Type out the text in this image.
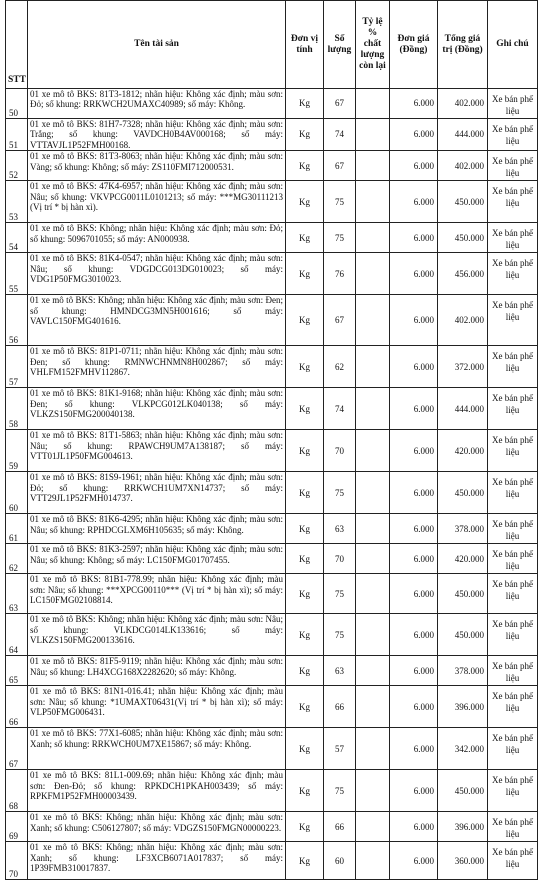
STT	Tên tài sản	Đơn vị tính	Số lượng	Tỷ lệ % chất lượng còn lại	Đơn giá (Đồng)	Tổng giá trị (Đồng)	Ghi chú
50	01 xe mô tô BKS: 81T3-1812; nhãn hiệu: Không xác định; màu sơn: Đỏ; số khung: RRKWCH2UMAXC40989; số máy: Không.	Kg	67		6.000	402.000	Xe bán phế liệu
51	01 xe mô tô BKS: 81H7-7328; nhãn hiệu: Không xác định; màu sơn: Trắng; số khung: VAVDCH0B4AV000168; số máy: VTTAVJL1P52FMH00168.	Kg	74		6.000	444.000	Xe bán phế liệu
52	01 xe mô tô BKS: 81T3-8063; nhãn hiệu: Không xác định; màu sơn: Vàng; số khung: Không; số máy: ZS110FMI712000531.	Kg	67		6.000	402.000	Xe bán phế liệu
53	01 xe mô tô BKS: 47K4-6957; nhãn hiệu: Không xác định; màu sơn: Nâu; số khung: VKVPCG0011L0101213; số máy: ***MG30111213 (Vị trí * bị hàn xì).	Kg	75		6.000	450.000	Xe bán phế liệu
54	01 xe mô tô BKS: Không; nhãn hiệu: Không xác định; màu sơn: Đỏ; số khung: 5096701055; số máy: AN000938.	Kg	75		6.000	450.000	Xe bán phế liệu
55	01 xe mô tô BKS: 81K4-0547; nhãn hiệu: Không xác định; màu sơn: Nâu; số khung: VDGDCG013DG010023; số máy: VDG1P50FMG3010023.	Kg	76		6.000	456.000	Xe bán phế liệu
56	01 xe mô tô BKS: Không; nhãn hiệu: Không xác định; màu sơn: Đen; số khung: HMNDCG3MN5H001616; số máy: VAVLC150FMG401616.	Kg	67		6.000	402.000	Xe bán phế liệu
57	01 xe mô tô BKS: 81P1-0711; nhãn hiệu: Không xác định; màu sơn: Đen; số khung: RMNWCHNMN8H002867; số máy: VHLFM152FMHV112867.	Kg	62		6.000	372.000	Xe bán phế liệu
58	01 xe mô tô BKS: 81K1-9168; nhãn hiệu: Không xác định; màu sơn: Đen; số khung: VLKPCG012LK040138; số máy: VLKZS150FMG200040138.	Kg	74		6.000	444.000	Xe bán phế liệu
59	01 xe mô tô BKS: 81T1-5863; nhãn hiệu: Không xác định; màu sơn: Nâu; số khung: RPAWCH9UM7A138187; số máy: VTT01JL1P50FMG004613.	Kg	70		6.000	420.000	Xe bán phế liệu
60	01 xe mô tô BKS: 81S9-1961; nhãn hiệu: Không xác định; màu sơn: Đỏ; số khung: RRKWCH1UM7XN14737; số máy: VTT29JL1P52FMH014737.	Kg	75		6.000	450.000	Xe bán phế liệu
61	01 xe mô tô BKS: 81K6-4295; nhãn hiệu: Không xác định; màu sơn: Nâu; số khung: RPHDCGLXM6H105635; số máy: Không.	Kg	63		6.000	378.000	Xe bán phế liệu
62	01 xe mô tô BKS: 81K3-2597; nhãn hiệu: Không xác định; màu sơn: Nâu; số khung: Không; số máy: LC150FMG01707455.	Kg	70		6.000	420.000	Xe bán phế liệu
63	01 xe mô tô BKS: 81B1-778.99; nhãn hiệu: Không xác định; màu sơn: Nâu; số khung: ***XPCG00110*** (Vị trí * bị hàn xì); số máy: LC150FMG02108814.	Kg	75		6.000	450.000	Xe bán phế liệu
64	01 xe mô tô BKS: Không; nhãn hiệu: Không xác định; màu sơn: Nâu; số khung: VLKDCG014LK133616; số máy: VLKZS150FMG200133616.	Kg	75		6.000	450.000	Xe bán phế liệu
65	01 xe mô tô BKS: 81F5-9119; nhãn hiệu: Không xác định; màu sơn: Nâu; số khung: LH4XCG168X2282620; số máy: Không.	Kg	63		6.000	378.000	Xe bán phế liệu
66	01 xe mô tô BKS: 81N1-016.41; nhãn hiệu: Không xác định; màu sơn: Nâu; số khung: *1UMAXT06431(Vị trí * bị hàn xì); số máy: VLP50FMG006431.	Kg	66		6.000	396.000	Xe bán phế liệu
67	01 xe mô tô BKS: 77X1-6085; nhãn hiệu: Không xác định; màu sơn: Xanh; số khung: RRKWCH0UM7XE15867; số máy: Không.	Kg	57		6.000	342.000	Xe bán phế liệu
68	01 xe mô tô BKS: 81L1-009.69; nhãn hiệu: Không xác định; màu sơn: Đen-Đỏ; số khung: RPKDCH1PKAH003439; số máy: RPKFM1P52FMH00003439.	Kg	75		6.000	450.000	Xe bán phế liệu
69	01 xe mô tô BKS: Không; nhãn hiệu: Không xác định; màu sơn: Xanh; số khung: C506127807; số máy: VDGZS150FMGN00000223.	Kg	66		6.000	396.000	Xe bán phế liệu
70	01 xe mô tô BKS: Không; nhãn hiệu: Không xác định; màu sơn: Xanh; số khung: LF3XCB6071A017837; số máy: 1P39FMB310017837.	Kg	60		6.000	360.000	Xe bán phế liệu
